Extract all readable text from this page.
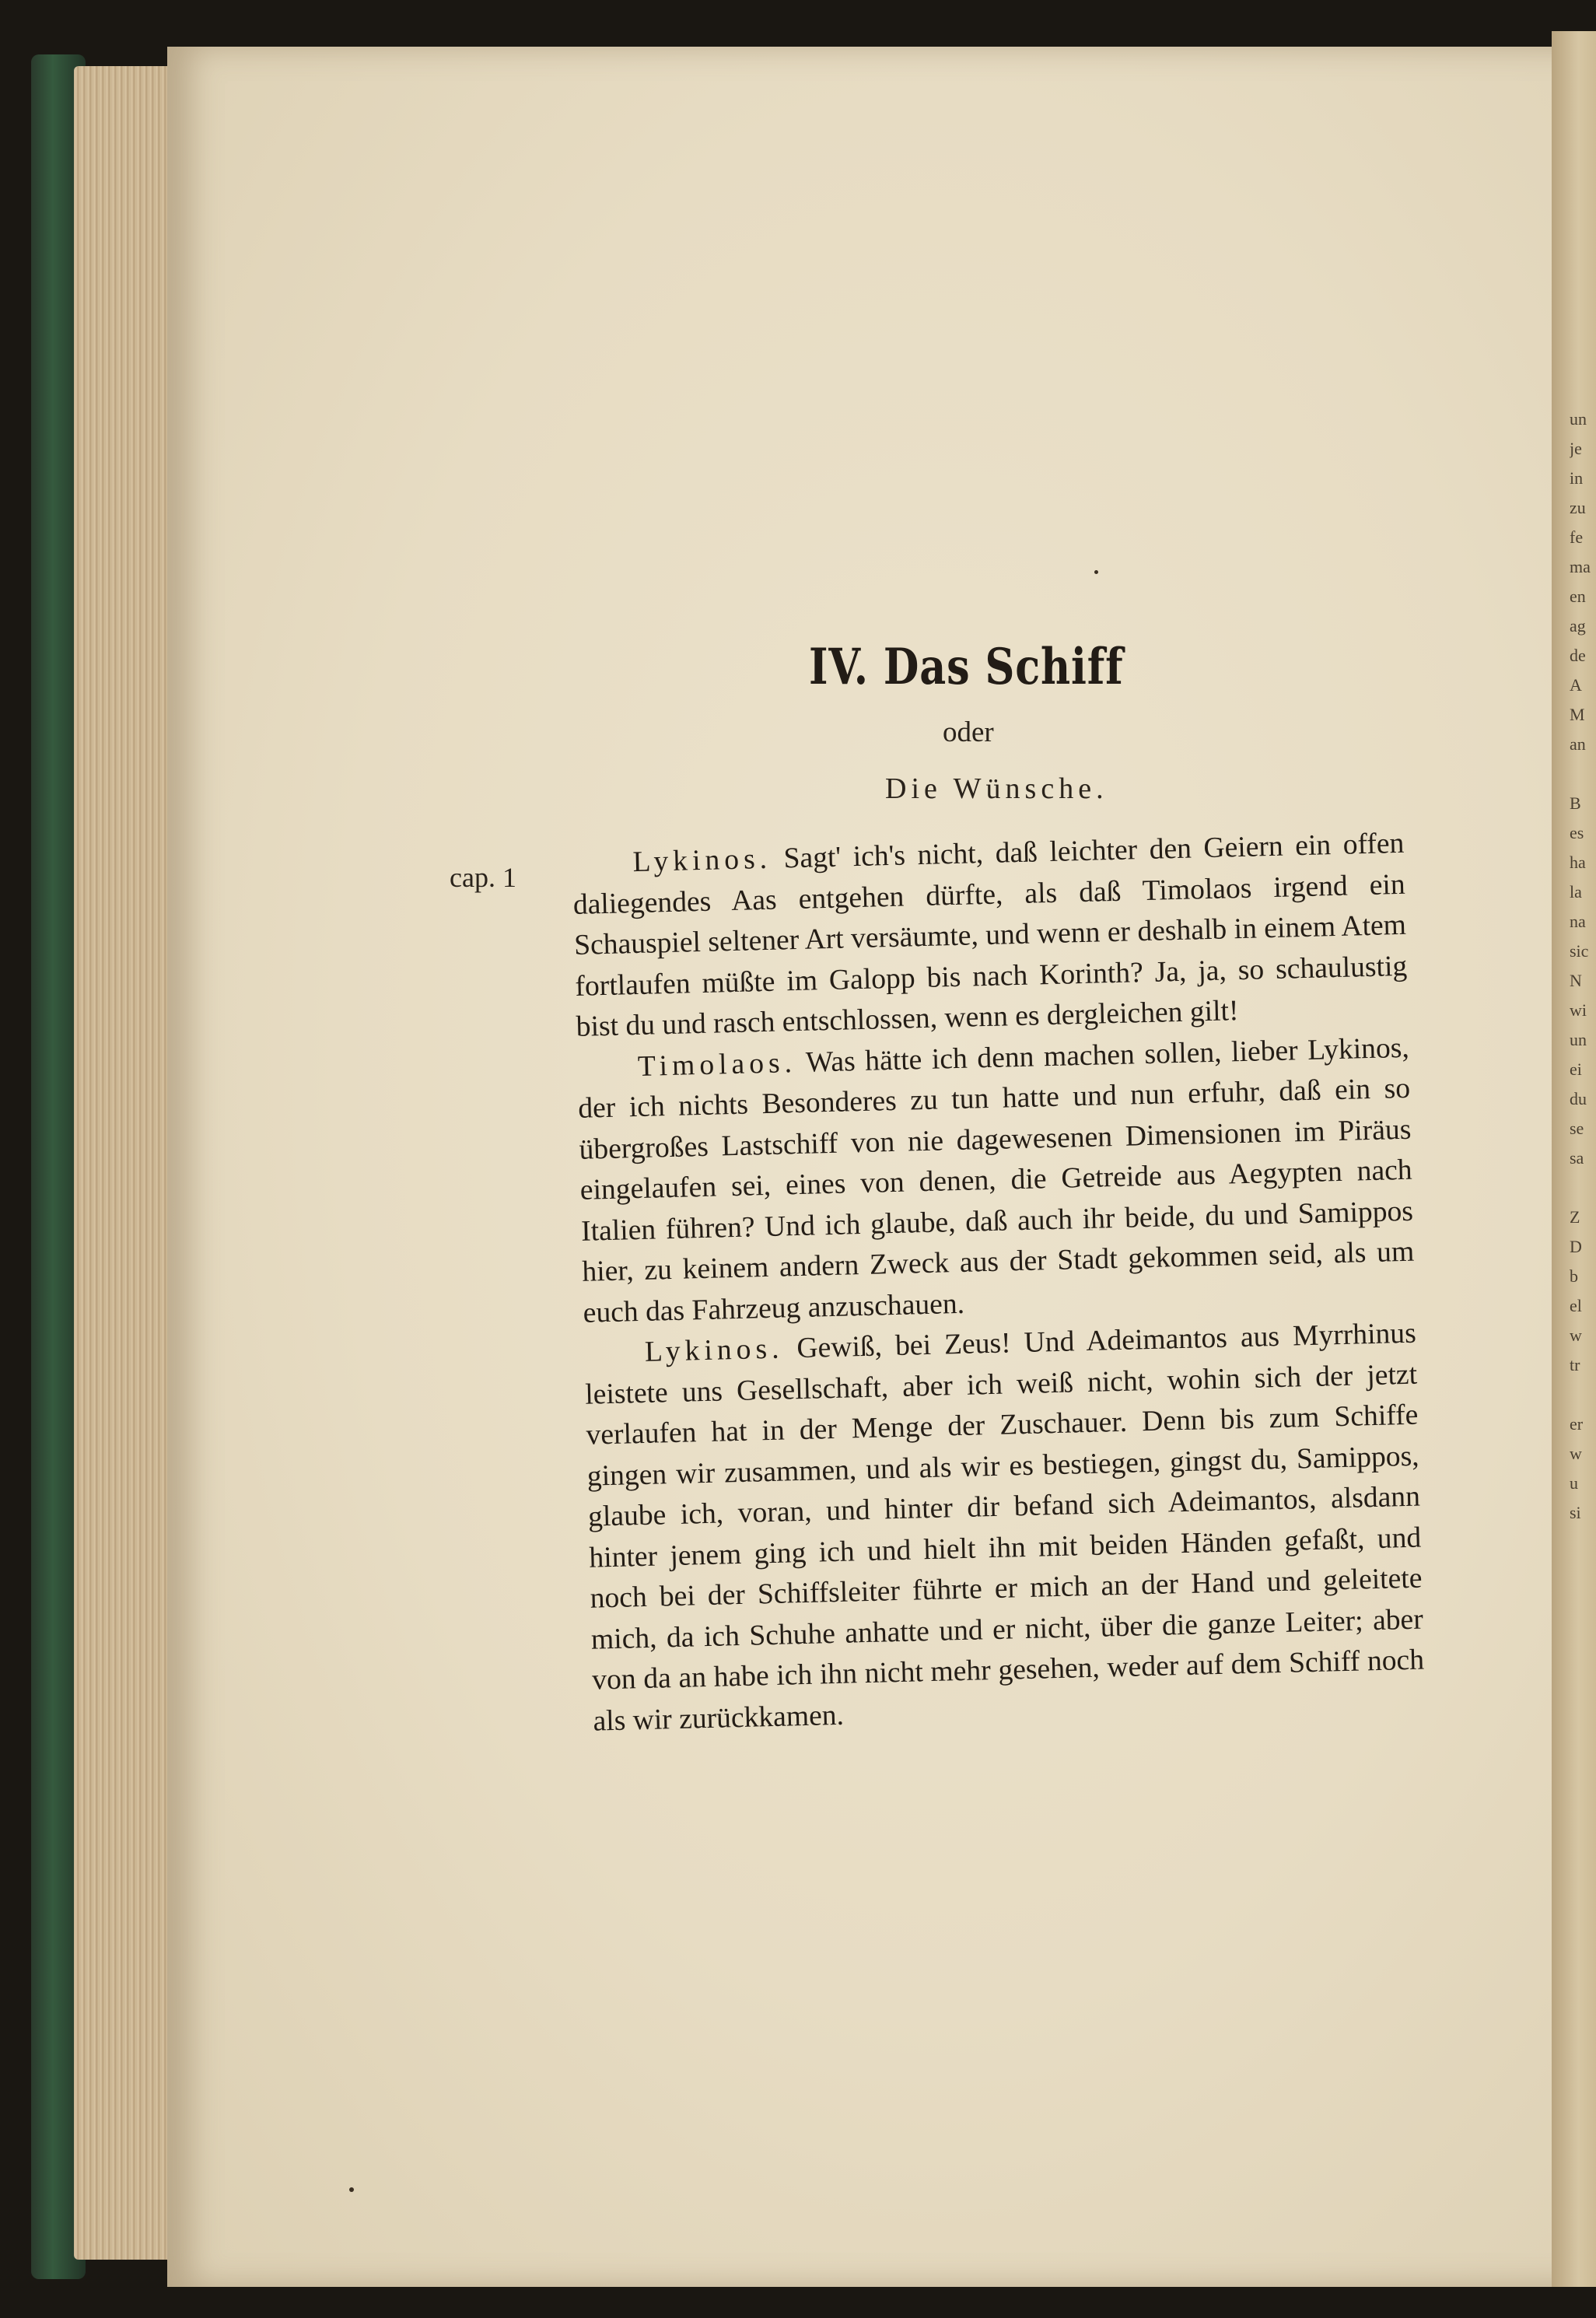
un
je
in
zu
fe
ma
en
ag
de
A
M
an

B
es
ha
la
na
sic
N
wi
un
ei
du
se
sa

Z
D
b
el
w
tr

er
w
u
si
IV. Das Schiff
oder
Die Wünsche.
cap. 1	Lykinos. Sagt' ich's nicht, daß leichter den Geiern ein offen daliegendes Aas entgehen dürfte, als daß Timolaos irgend ein Schauspiel seltener Art versäumte, und wenn er deshalb in einem Atem fortlaufen müßte im Galopp bis nach Korinth? Ja, ja, so schaulustig bist du und rasch entschlossen, wenn es dergleichen gilt!

Timolaos. Was hätte ich denn machen sollen, lieber Lykinos, der ich nichts Besonderes zu tun hatte und nun erfuhr, daß ein so übergroßes Lastschiff von nie dagewesenen Dimensionen im Piräus eingelaufen sei, eines von denen, die Getreide aus Aegypten nach Italien führen? Und ich glaube, daß auch ihr beide, du und Samippos hier, zu keinem andern Zweck aus der Stadt gekommen seid, als um euch das Fahrzeug anzuschauen.

Lykinos. Gewiß, bei Zeus! Und Adeimantos aus Myrrhinus leistete uns Gesellschaft, aber ich weiß nicht, wohin sich der jetzt verlaufen hat in der Menge der Zuschauer. Denn bis zum Schiffe gingen wir zusammen, und als wir es bestiegen, gingst du, Samippos, glaube ich, voran, und hinter dir befand sich Adeimantos, alsdann hinter jenem ging ich und hielt ihn mit beiden Händen gefaßt, und noch bei der Schiffsleiter führte er mich an der Hand und geleitete mich, da ich Schuhe anhatte und er nicht, über die ganze Leiter; aber von da an habe ich ihn nicht mehr gesehen, weder auf dem Schiff noch als wir zurückkamen.
